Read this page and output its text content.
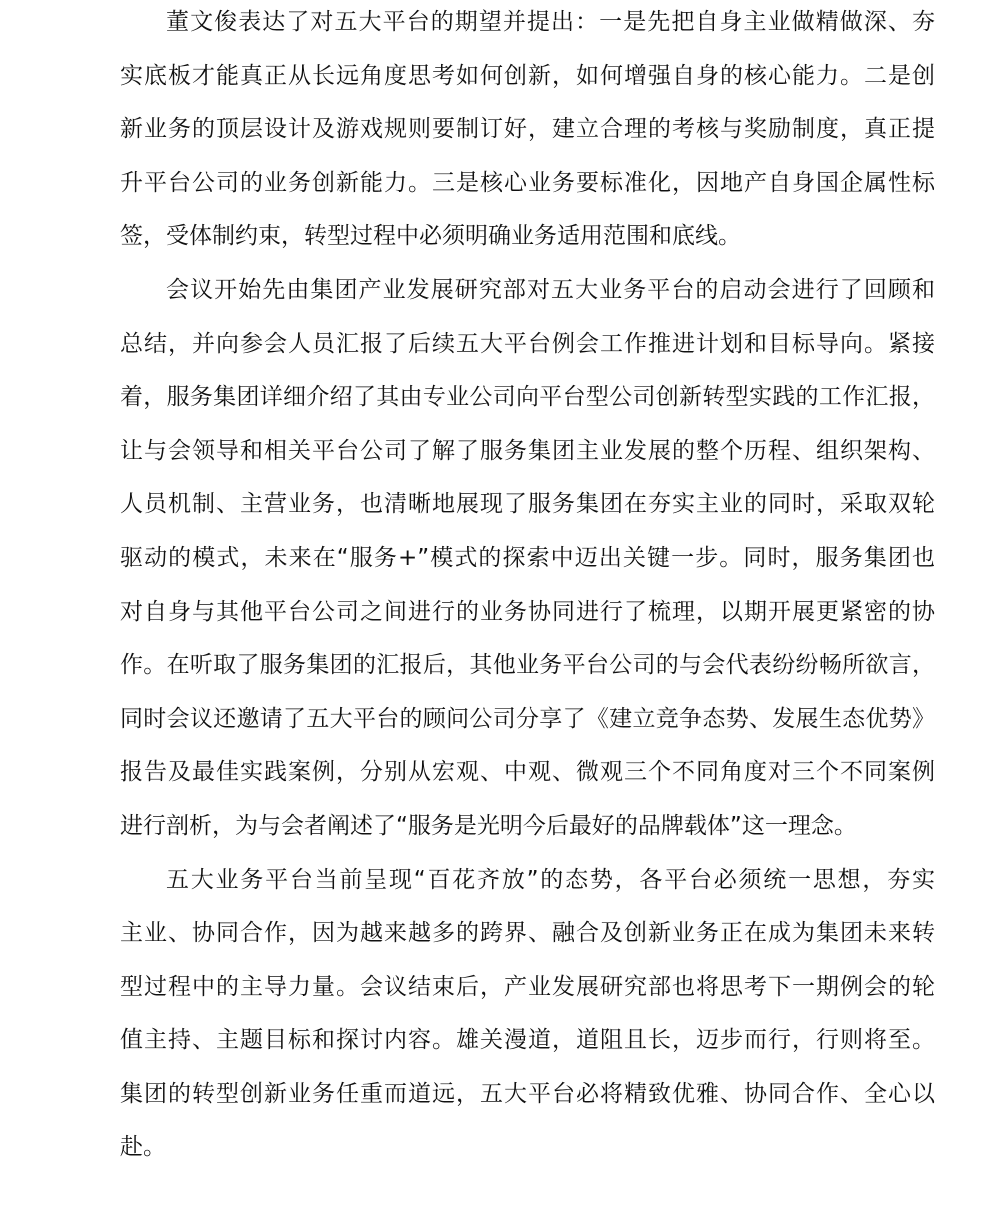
董文俊表达了对五大平台的期望并提出：一是先把自身主业做精做深、夯
实底板才能真正从长远角度思考如何创新，如何增强自身的核心能力。二是创
新业务的顶层设计及游戏规则要制订好，建立合理的考核与奖励制度，真正提
升平台公司的业务创新能力。三是核心业务要标准化，因地产自身国企属性标
签，受体制约束，转型过程中必须明确业务适用范围和底线。
会议开始先由集团产业发展研究部对五大业务平台的启动会进行了回顾和
总结，并向参会人员汇报了后续五大平台例会工作推进计划和目标导向。紧接
着，服务集团详细介绍了其由专业公司向平台型公司创新转型实践的工作汇报，
让与会领导和相关平台公司了解了服务集团主业发展的整个历程、组织架构、
人员机制、主营业务，也清晰地展现了服务集团在夯实主业的同时，采取双轮
驱动的模式，未来在“服务+”模式的探索中迈出关键一步。同时，服务集团也
对自身与其他平台公司之间进行的业务协同进行了梳理，以期开展更紧密的协
作。在听取了服务集团的汇报后，其他业务平台公司的与会代表纷纷畅所欲言，
同时会议还邀请了五大平台的顾问公司分享了《建立竞争态势、发展生态优势》
报告及最佳实践案例，分别从宏观、中观、微观三个不同角度对三个不同案例
进行剖析，为与会者阐述了“服务是光明今后最好的品牌载体”这一理念。
五大业务平台当前呈现“百花齐放”的态势，各平台必须统一思想，夯实
主业、协同合作，因为越来越多的跨界、融合及创新业务正在成为集团未来转
型过程中的主导力量。会议结束后，产业发展研究部也将思考下一期例会的轮
值主持、主题目标和探讨内容。雄关漫道，道阻且长，迈步而行，行则将至。
集团的转型创新业务任重而道远，五大平台必将精致优雅、协同合作、全心以
赴。
